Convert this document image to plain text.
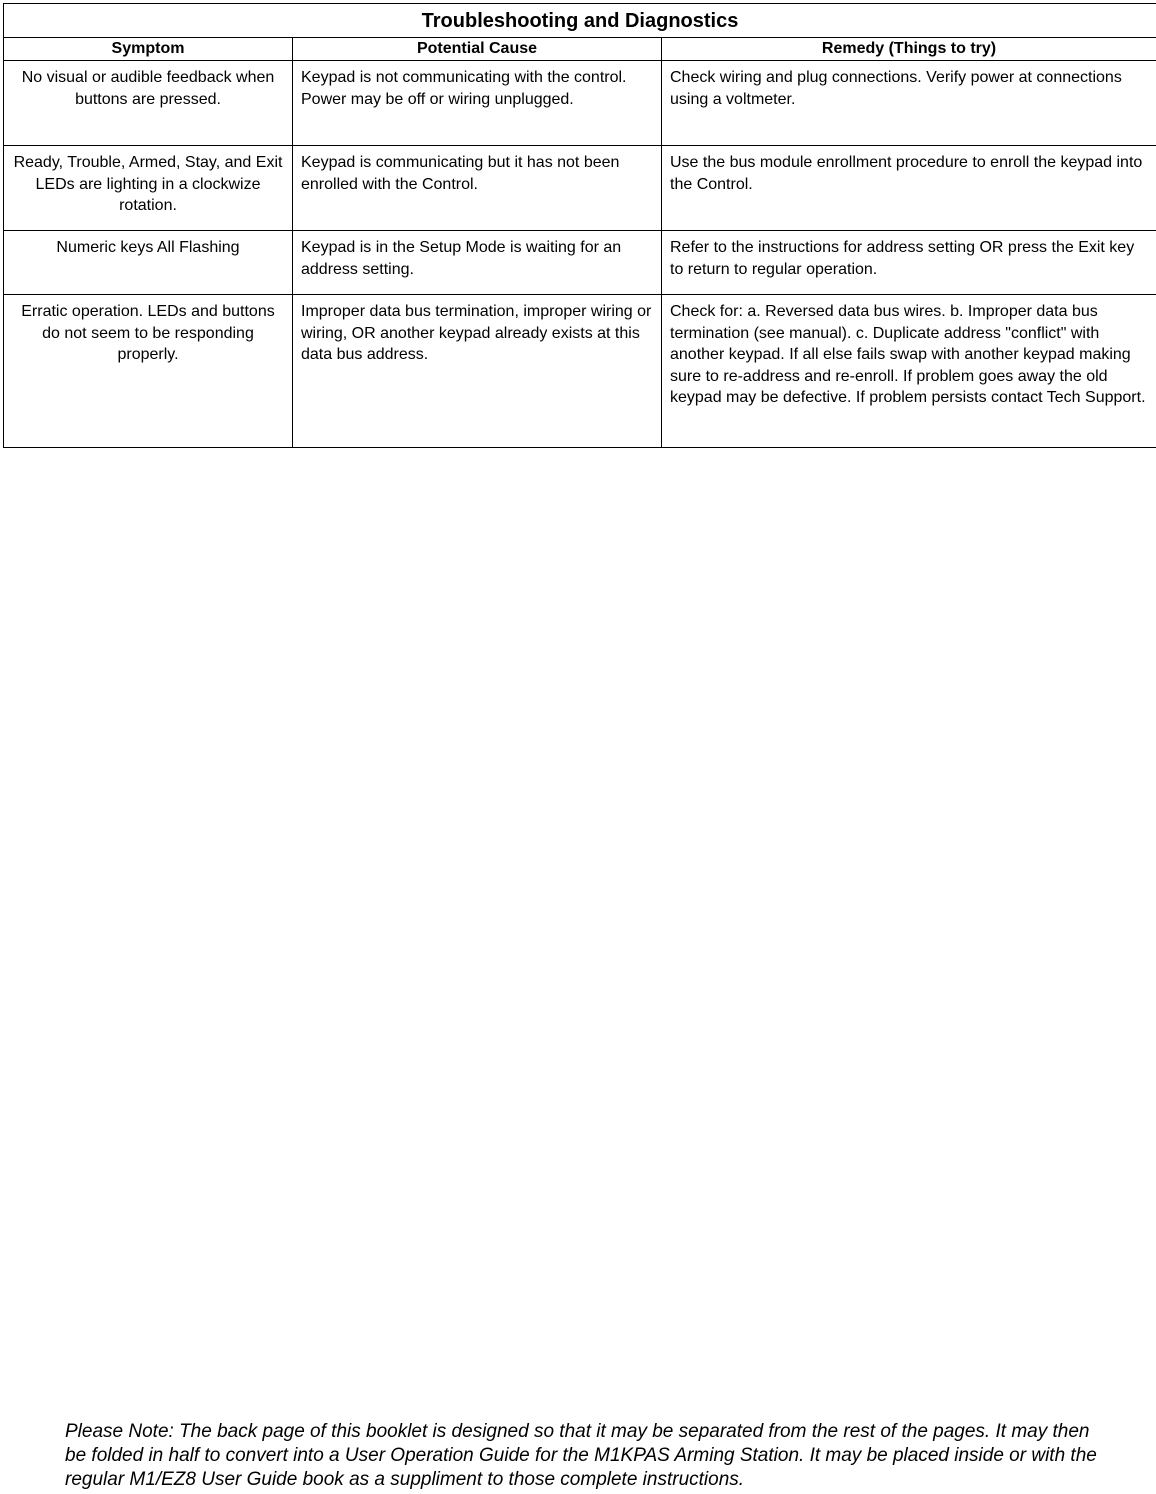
Troubleshooting and Diagnostics		
Symptom	Potential Cause	Remedy (Things to try)
No visual or audible feedback when buttons are pressed.	Keypad is not communicating with the control. Power may be off or wiring unplugged.	Check wiring and plug connections. Verify power at connections using a voltmeter.
Ready, Trouble, Armed, Stay, and Exit LEDs are lighting in a clockwize rotation.	Keypad is communicating but it has not been enrolled with the Control.	Use the bus module enrollment procedure to enroll the keypad into the Control.
Numeric keys All Flashing	Keypad is in the Setup Mode is waiting for an address setting.	Refer to the instructions for address setting OR press the Exit key to return to regular operation.
Erratic operation. LEDs and buttons do not seem to be responding properly.	Improper data bus termination, improper wiring or wiring, OR another keypad already exists at this data bus address.	Check for: a. Reversed data bus wires. b. Improper data bus termination (see manual). c. Duplicate address "conflict" with another keypad. If all else fails swap with another keypad making sure to re-address and re-enroll. If problem goes away the old keypad may be defective. If problem persists contact Tech Support.
Please Note: The back page of this booklet is designed so that it may be separated from the rest of the pages. It may then be folded in half to convert into a User Operation Guide for the M1KPAS Arming Station. It may be placed inside or with the regular M1/EZ8 User Guide book as a suppliment to those complete instructions.
